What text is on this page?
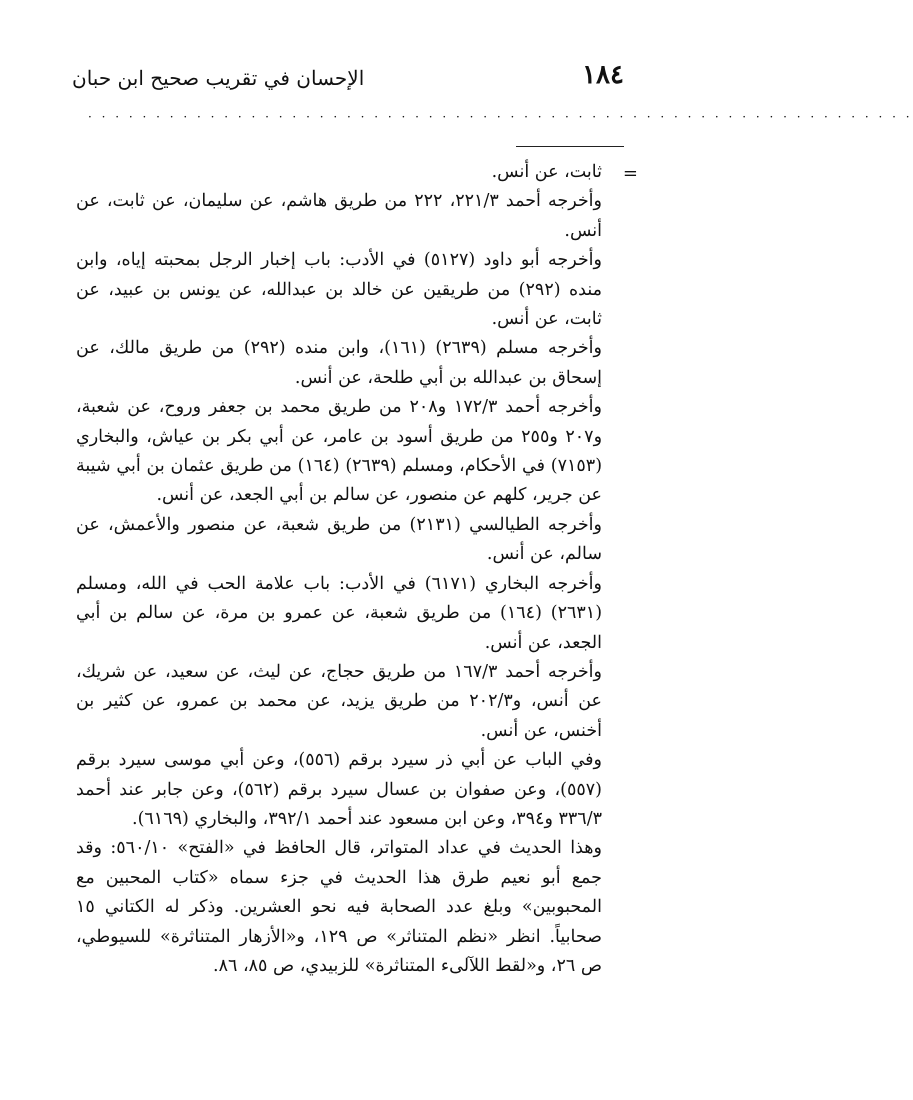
١٨٤
الإحسان في تقريب صحيح ابن حبان
· · · · · · · · · · · · · · · · · · · · · · · · · · · · · · · · · · · · · · · · · · · · · · · · · · · · · · · · · · · · ·
=

ثابت، عن أنس.

وأخرجه أحمد ٢٢١/٣، ٢٢٢ من طريق هاشم، عن سليمان، عن ثابت، عن أنس.

وأخرجه أبو داود (٥١٢٧) في الأدب: باب إخبار الرجل بمحبته إياه، وابن منده (٢٩٢) من طريقين عن خالد بن عبدالله، عن يونس بن عبيد، عن ثابت، عن أنس.

وأخرجه مسلم (٢٦٣٩) (١٦١)، وابن منده (٢٩٢) من طريق مالك، عن إسحاق بن عبدالله بن أبي طلحة، عن أنس.

وأخرجه أحمد ١٧٢/٣ و٢٠٨ من طريق محمد بن جعفر وروح، عن شعبة، و٢٠٧ و٢٥٥ من طريق أسود بن عامر، عن أبي بكر بن عياش، والبخاري (٧١٥٣) في الأحكام، ومسلم (٢٦٣٩) (١٦٤) من طريق عثمان بن أبي شيبة عن جرير، كلهم عن منصور، عن سالم بن أبي الجعد، عن أنس.

وأخرجه الطيالسي (٢١٣١) من طريق شعبة، عن منصور والأعمش، عن سالم، عن أنس.

وأخرجه البخاري (٦١٧١) في الأدب: باب علامة الحب في الله، ومسلم (٢٦٣١) (١٦٤) من طريق شعبة، عن عمرو بن مرة، عن سالم بن أبي الجعد، عن أنس.

وأخرجه أحمد ١٦٧/٣ من طريق حجاج، عن ليث، عن سعيد، عن شريك، عن أنس، و٢٠٢/٣ من طريق يزيد، عن محمد بن عمرو، عن كثير بن أخنس، عن أنس.

وفي الباب عن أبي ذر سيرد برقم (٥٥٦)، وعن أبي موسى سيرد برقم (٥٥٧)، وعن صفوان بن عسال سيرد برقم (٥٦٢)، وعن جابر عند أحمد ٣٣٦/٣ و٣٩٤، وعن ابن مسعود عند أحمد ٣٩٢/١، والبخاري (٦١٦٩).

وهذا الحديث في عداد المتواتر، قال الحافظ في «الفتح» ٥٦٠/١٠: وقد جمع أبو نعيم طرق هذا الحديث في جزء سماه «كتاب المحبين مع المحبوبين» وبلغ عدد الصحابة فيه نحو العشرين. وذكر له الكتاني ١٥ صحابياً. انظر «نظم المتناثر» ص ١٢٩، و«الأزهار المتناثرة» للسيوطي، ص ٢٦، و«لقط اللآلىء المتناثرة» للزبيدي، ص ٨٥، ٨٦.
